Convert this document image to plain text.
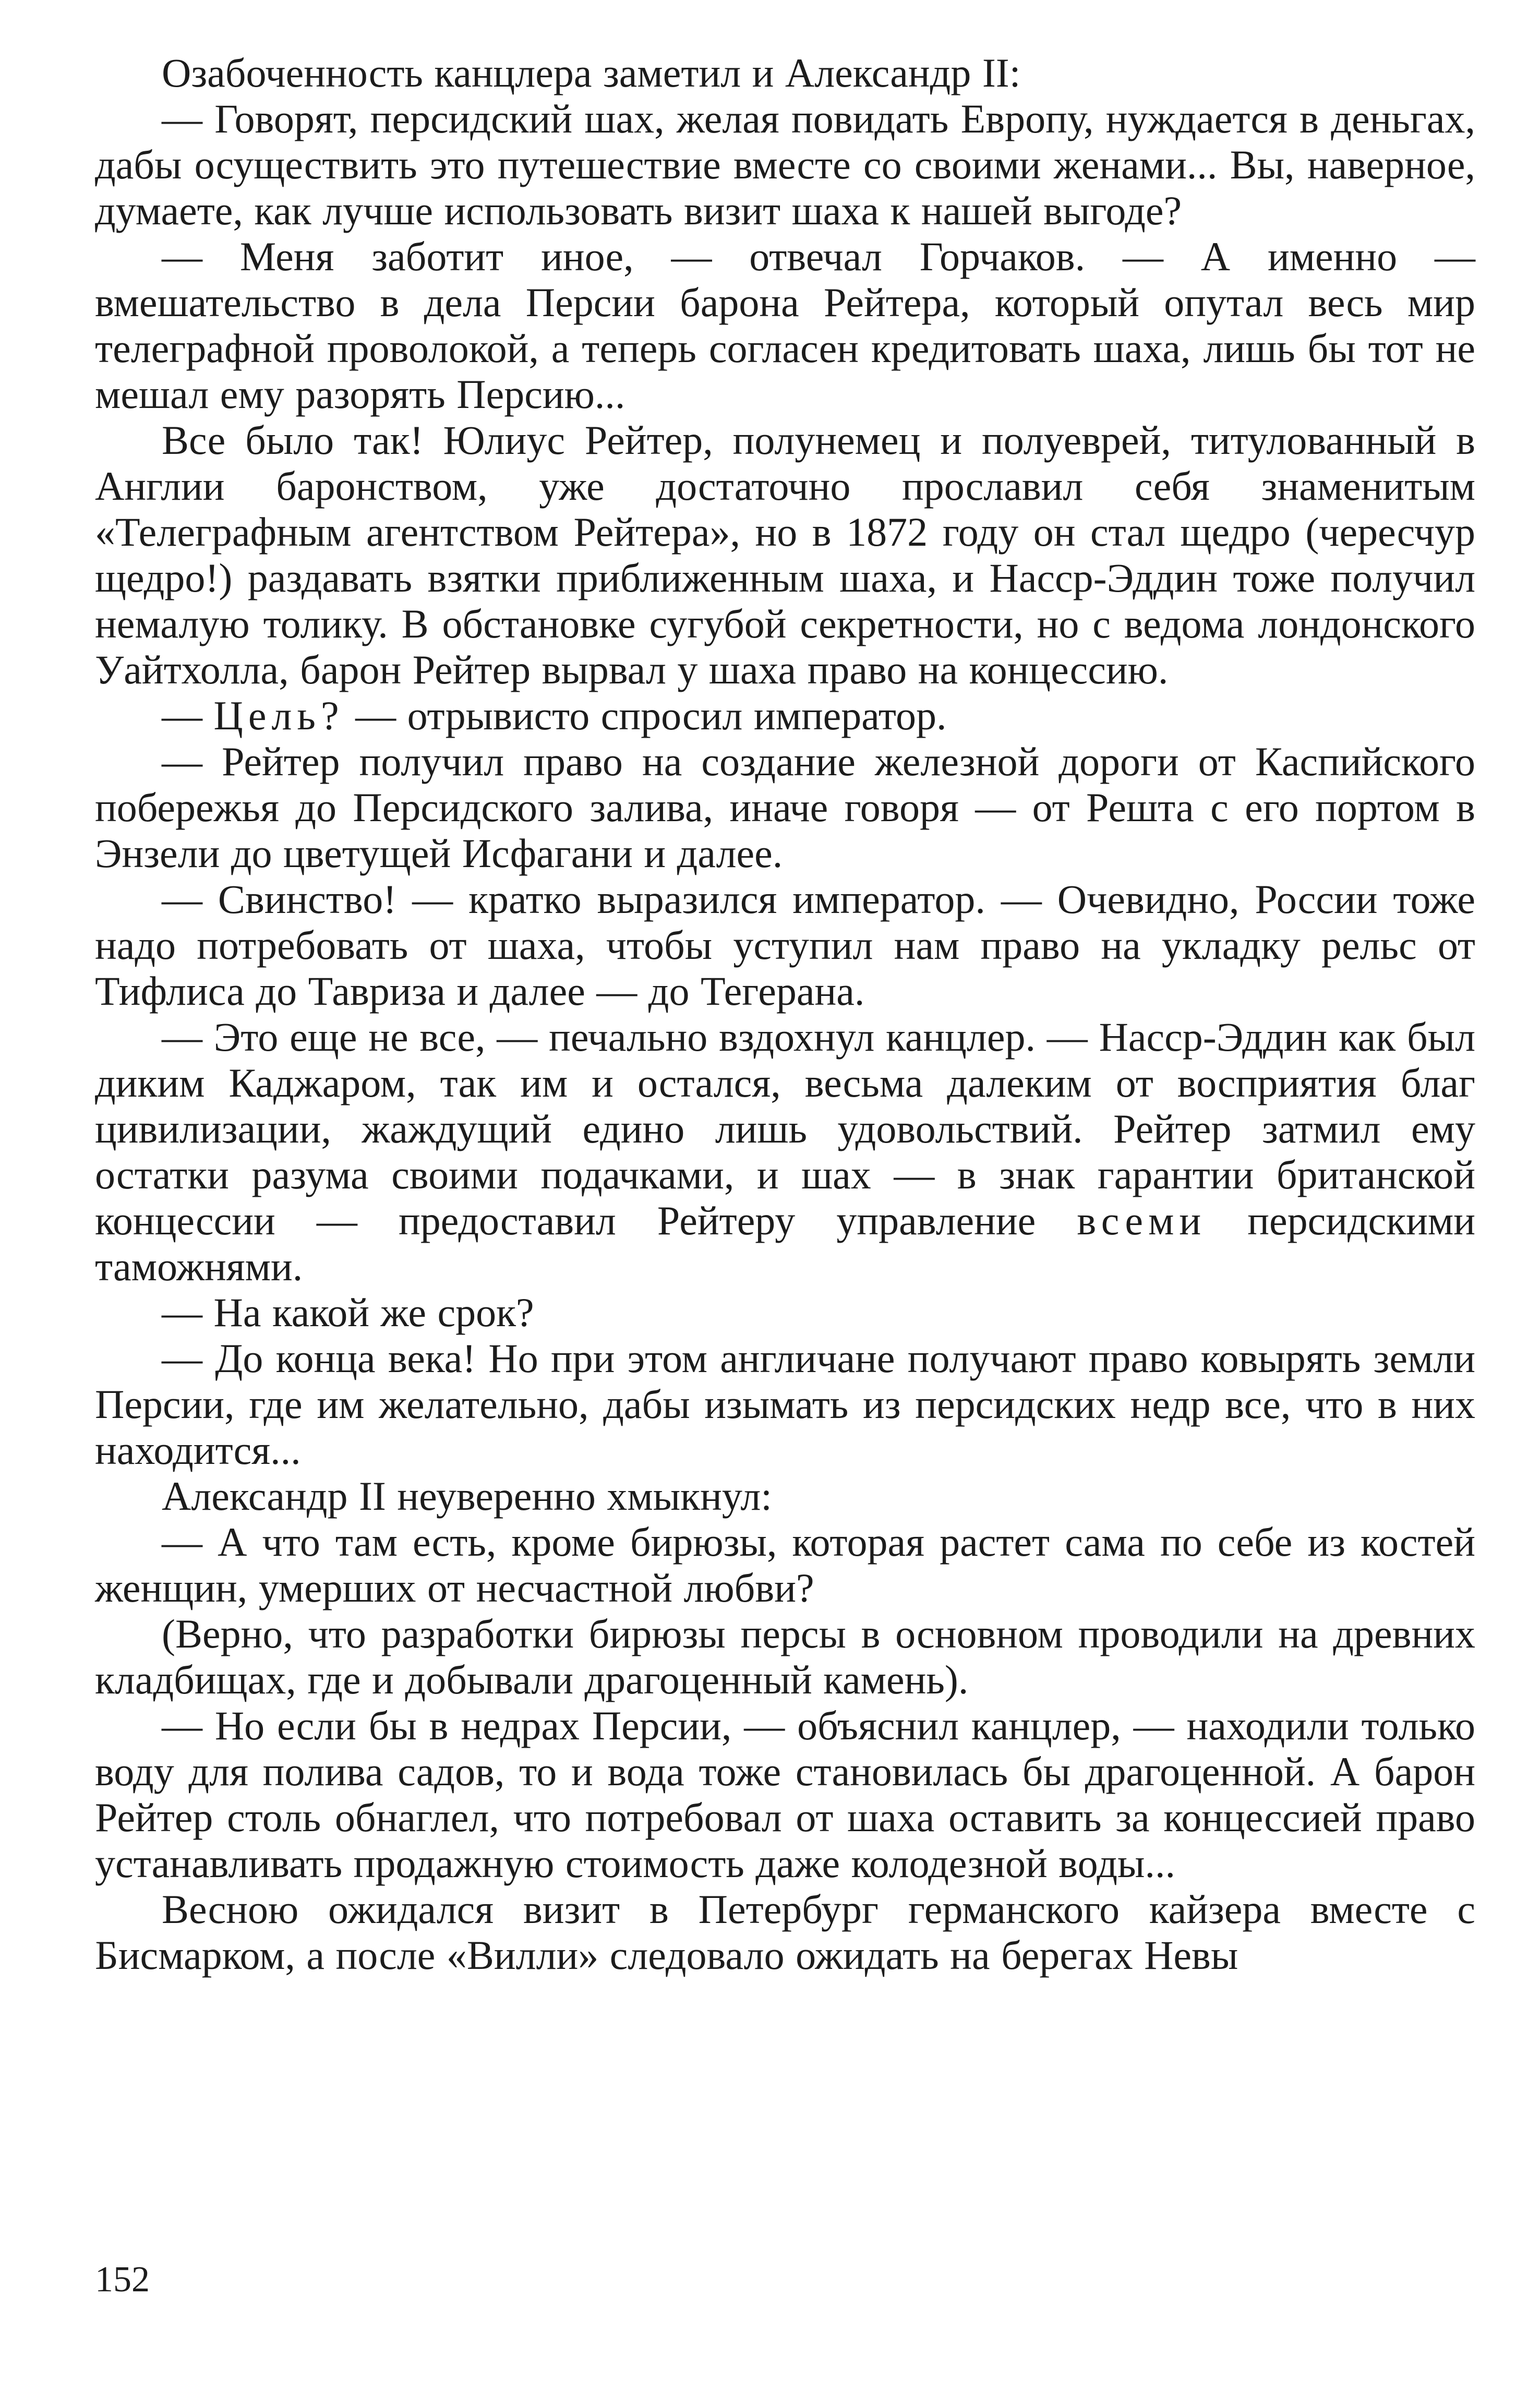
Озабоченность канцлера заметил и Александр II:

— Говорят, персидский шах, желая повидать Европу, нуждается в деньгах, дабы осуществить это путешествие вместе со своими женами... Вы, наверное, думаете, как лучше использовать визит шаха к нашей выгоде?

— Меня заботит иное, — отвечал Горчаков. — А именно — вмешательство в дела Персии барона Рейтера, который опутал весь мир телеграфной проволокой, а теперь согласен кредитовать шаха, лишь бы тот не мешал ему разорять Персию...

Все было так! Юлиус Рейтер, полунемец и полуеврей, титулованный в Англии баронством, уже достаточно прославил себя знаменитым «Телеграфным агентством Рейтера», но в 1872 году он стал щедро (чересчур щедро!) раздавать взятки приближенным шаха, и Насср-Эддин тоже получил немалую толику. В обстановке сугубой секретности, но с ведома лондонского Уайтхолла, барон Рейтер вырвал у шаха право на концессию.

— Цель? — отрывисто спросил император.

— Рейтер получил право на создание железной дороги от Каспийского побережья до Персидского залива, иначе говоря — от Решта с его портом в Энзели до цветущей Исфагани и далее.

— Свинство! — кратко выразился император. — Очевидно, России тоже надо потребовать от шаха, чтобы уступил нам право на укладку рельс от Тифлиса до Тавриза и далее — до Тегерана.

— Это еще не все, — печально вздохнул канцлер. — Насср-Эддин как был диким Каджаром, так им и остался, весьма далеким от восприятия благ цивилизации, жаждущий едино лишь удовольствий. Рейтер затмил ему остатки разума своими подачками, и шах — в знак гарантии британской концессии — предоставил Рейтеру управление всеми персидскими таможнями.

— На какой же срок?

— До конца века! Но при этом англичане получают право ковырять земли Персии, где им желательно, дабы изымать из персидских недр все, что в них находится...

Александр II неуверенно хмыкнул:

— А что там есть, кроме бирюзы, которая растет сама по себе из костей женщин, умерших от несчастной любви?

(Верно, что разработки бирюзы персы в основном проводили на древних кладбищах, где и добывали драгоценный камень).

— Но если бы в недрах Персии, — объяснил канцлер, — находили только воду для полива садов, то и вода тоже становилась бы драгоценной. А барон Рейтер столь обнаглел, что потребовал от шаха оставить за концессией право устанавливать продажную стоимость даже колодезной воды...

Весною ожидался визит в Петербург германского кайзера вместе с Бисмарком, а после «Вилли» следовало ожидать на берегах Невы

152
